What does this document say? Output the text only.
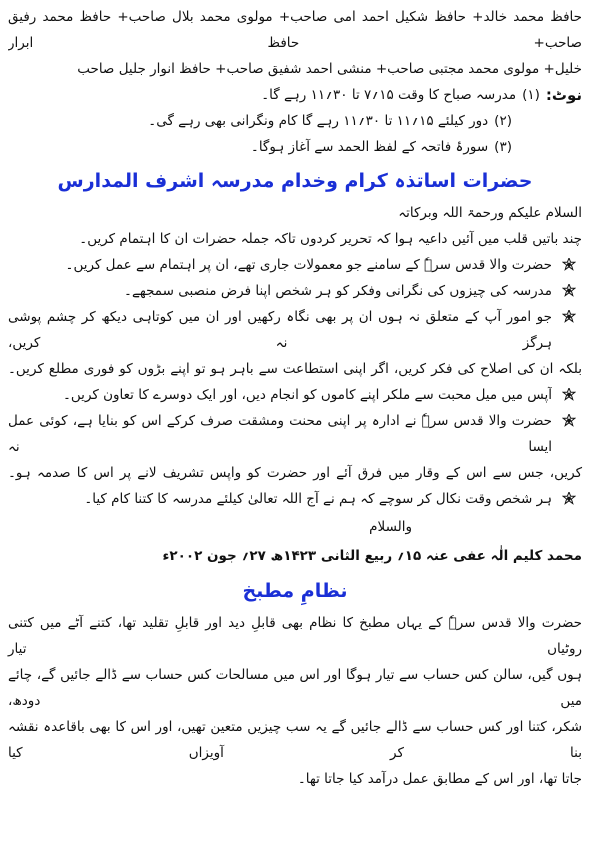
حافظ محمد خالد+ حافظ شکیل احمد امی صاحب+ مولوی محمد بلال صاحب+ حافظ محمد رفیق صاحب+ حافظ ابرار
خلیل+ مولوی محمد مجتبی صاحب+ منشی احمد شفیق صاحب+ حافظ انوار جلیل صاحب
نوٹ:
(۱)
مدرسہ صباح کا وقت ۱۵؍۷ تا ۳۰؍۱۱ رہے گا۔
(۲)
دور کیلئے ۱۵؍۱۱ تا ۳۰؍۱۱ رہے گا کام ونگرانی بھی رہے گی۔
(۳)
سورۂ فاتحہ کے لفظ الحمد سے آغاز ہوگا۔
حضرات اساتذہ کرام وخدام مدرسہ اشرف المدارس
السلام علیکم ورحمۃ اللہ وبرکاتہ
چند باتیں قلب میں آئیں داعیہ ہوا کہ تحریر کردوں تاکہ جملہ حضرات ان کا اہتمام کریں۔
حضرت والا قدس سرہٗ کے سامنے جو معمولات جاری تھے، ان پر اہتمام سے عمل کریں۔
مدرسہ کی چیزوں کی نگرانی وفکر کو ہر شخص اپنا فرض منصبی سمجھے۔
جو امور آپ کے متعلق نہ ہوں ان پر بھی نگاہ رکھیں اور ان میں کوتاہی دیکھ کر چشم پوشی ہرگز نہ کریں،
بلکہ ان کی اصلاح کی فکر کریں، اگر اپنی استطاعت سے باہر ہو تو اپنے بڑوں کو فوری مطلع کریں۔
آپس میں میل محبت سے ملکر اپنے کاموں کو انجام دیں، اور ایک دوسرے کا تعاون کریں۔
حضرت والا قدس سرہٗ نے ادارہ پر اپنی محنت ومشقت صرف کرکے اس کو بنایا ہے، کوئی عمل ایسا نہ
کریں، جس سے اس کے وقار میں فرق آئے اور حضرت کو واپس تشریف لانے پر اس کا صدمہ ہو۔
ہر شخص وقت نکال کر سوچے کہ ہم نے آج اللہ تعالیٰ کیلئے مدرسہ کا کتنا کام کیا۔
والسلام
محمد کلیم الٰہ عفی عنہ ۱۵؍ ربیع الثانی ۱۴۲۳ھ ۲۷؍ جون ۲۰۰۲ء
نظامِ مطبخ
حضرت والا قدس سرہٗ کے یہاں مطبخ کا نظام بھی قابلِ دید اور قابلِ تقلید تھا، کتنے آٹے میں کتنی روٹیاں تیار
ہوں گیں، سالن کس حساب سے تیار ہوگا اور اس میں مسالحات کس حساب سے ڈالے جائیں گے، چائے میں دودھ،
شکر، کتنا اور کس حساب سے ڈالے جائیں گے یہ سب چیزیں متعین تھیں، اور اس کا بھی باقاعدہ نقشہ بنا کر آویزاں کیا
جاتا تھا، اور اس کے مطابق عمل درآمد کیا جاتا تھا۔
